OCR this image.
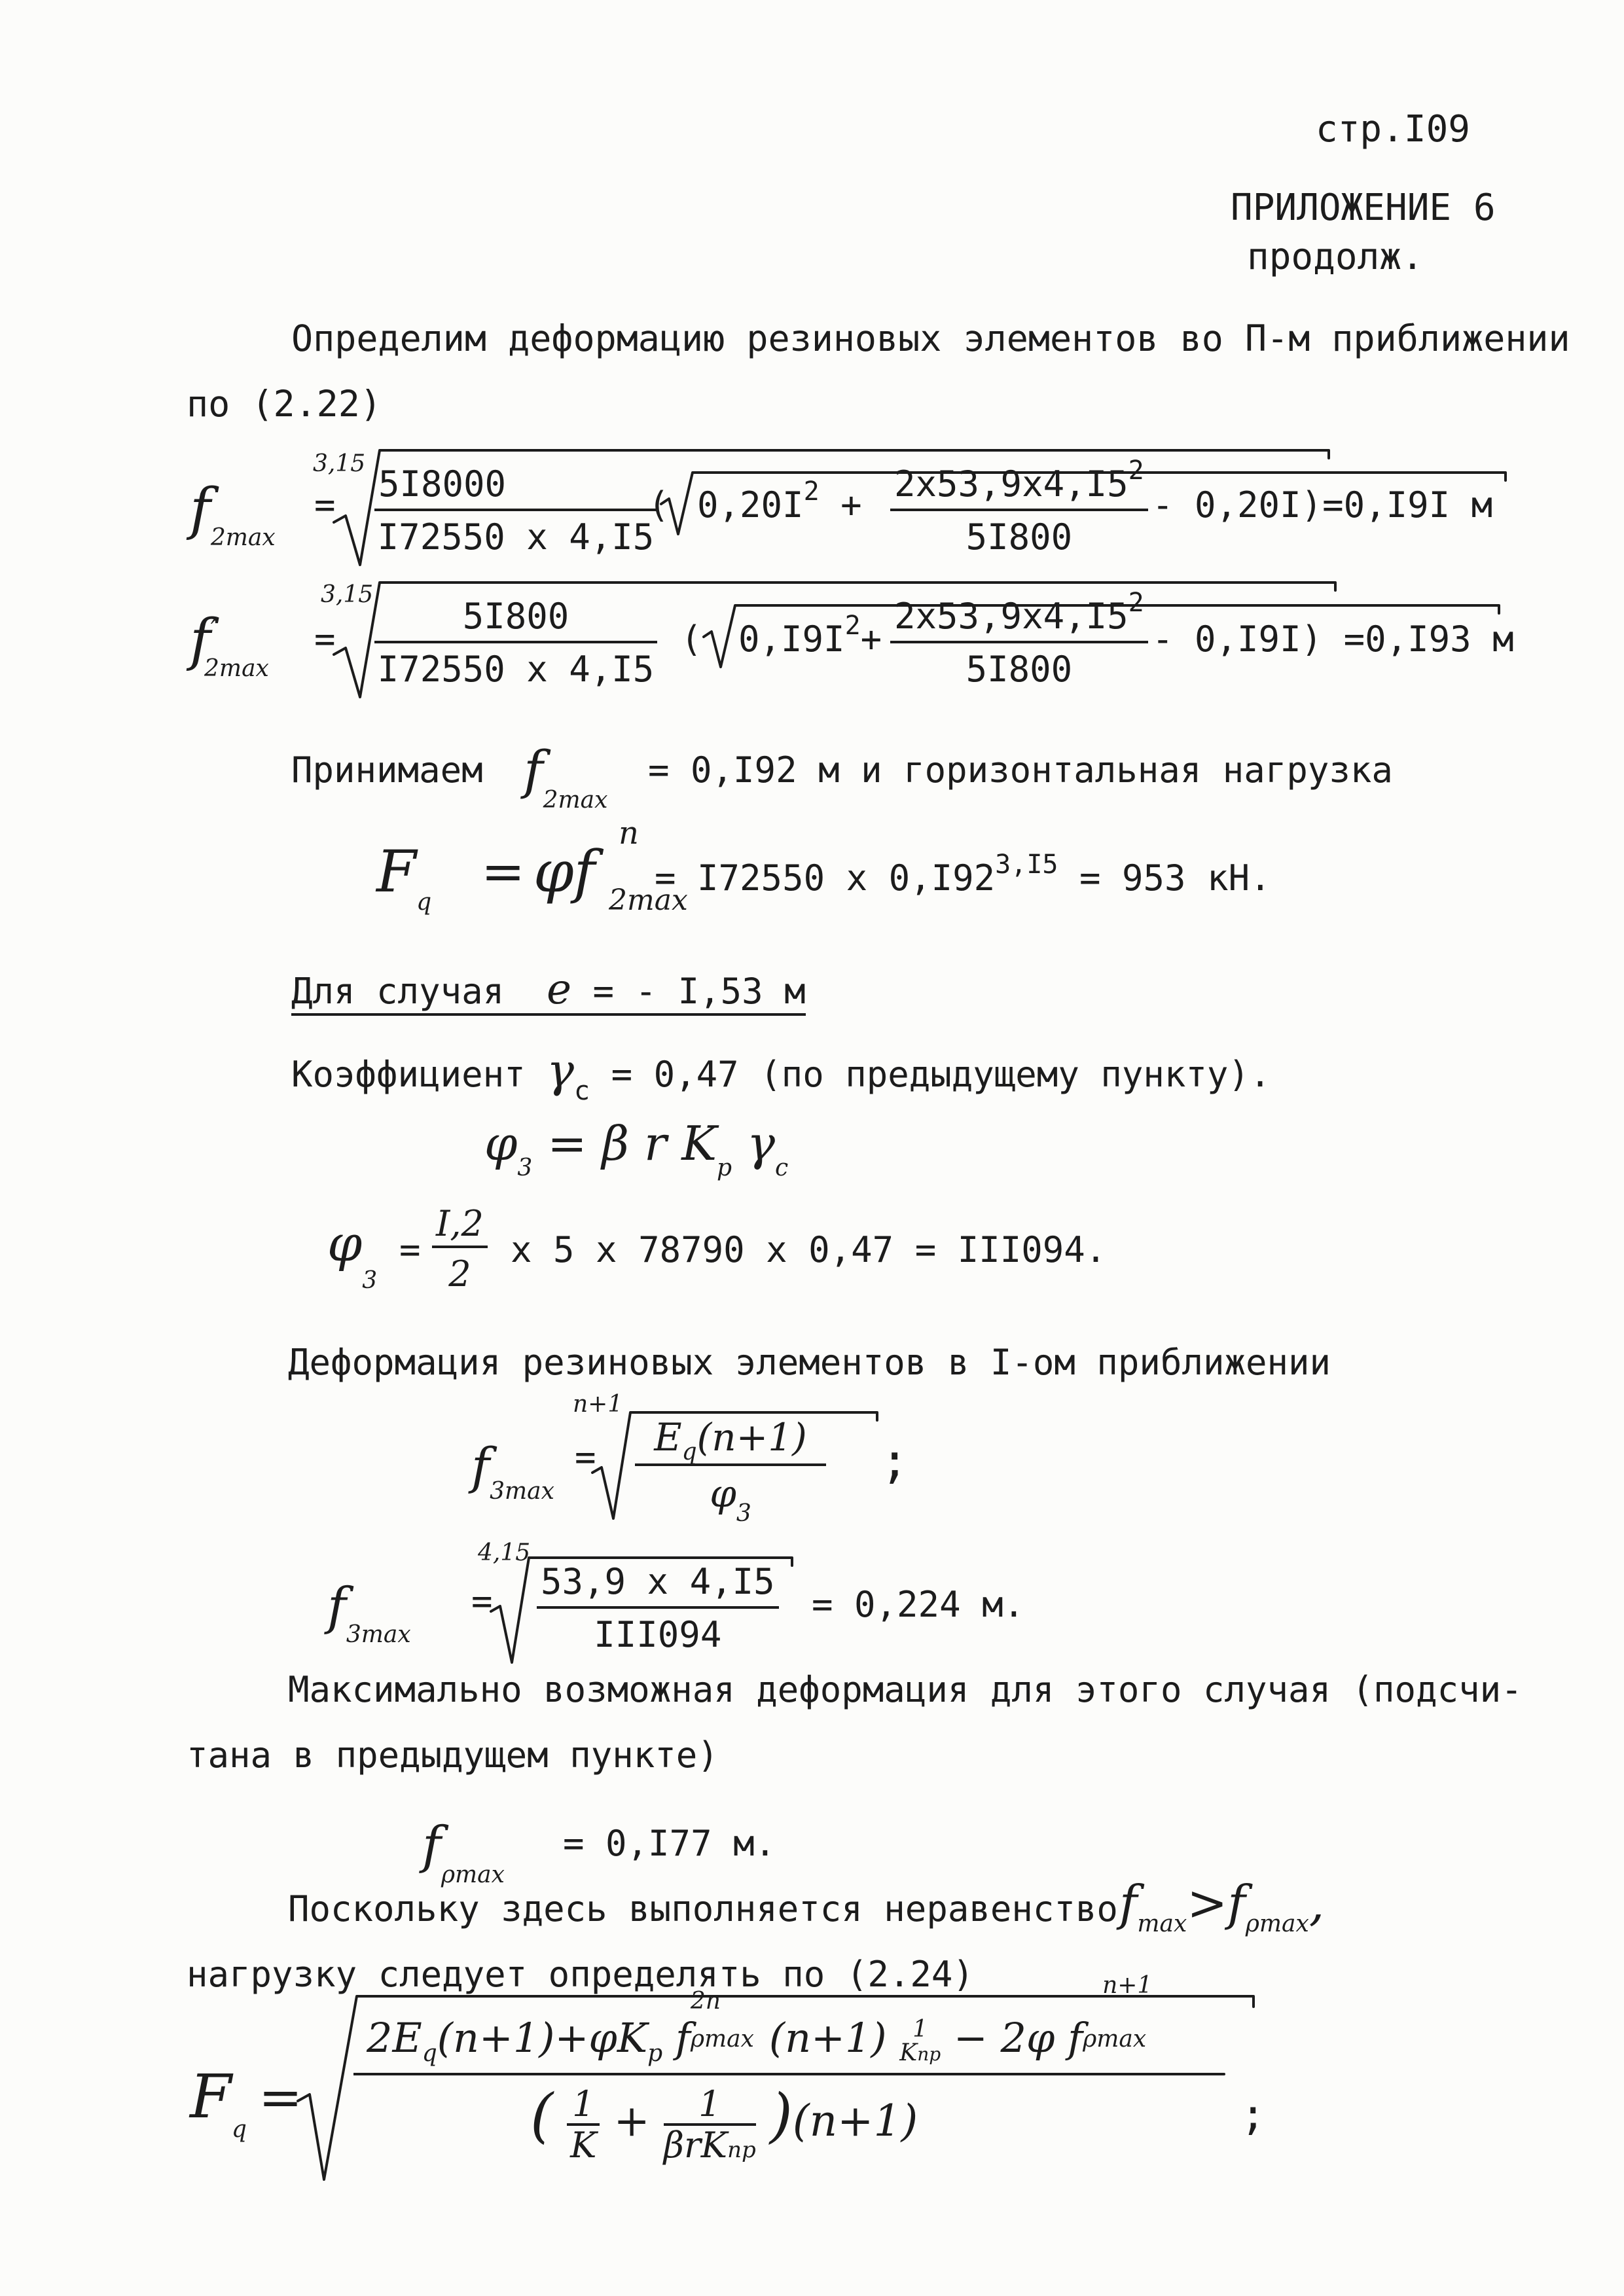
стр.I09
ПРИЛОЖЕНИЕ 6
продолж.
Определим деформацию резиновых элементов во П-м приближении
по (2.22)
$f_{2max}$
3,15
= $\frac{5I8000}{I72550 x 4,I5}$
( $0,20I^2 + \frac{2x53,9x4,I5^2}{5I800} - 0,20I)=0,I9I$ м
$f'_{2max}$
3,15
= $\frac{5I800}{I72550 x 4,I5}$ ( $0,I9I^2+ \frac{2x53,9x4,I5^2}{5I800} - 0,I9I) =0,I93$ м
Принимаем $f_{2max}$
= 0,I92 м и горизонтальная нагрузка
$F_q$
= φf
n
2max
= I72550 x $0,I92^{3,I5} = 953$ кН.
Для случая e = - I,53 м
Коэффициент $\gamma_c = 0,47$ (по предыдущему пункту).
$\varphi_3 = \beta$ r $K_p$ $\gamma_c$
$\varphi_3$
= $\frac{I,2}{2}$ x 5 x 78790 x 0,47 = III094.
Деформация резиновых элементов в I-ом приближении
$f_{3max}$
n+1
= $\frac{E_q(n+1)}{\varphi_3}$ ;
$f_{3max}$
4,15
= 53,9 x 4,I5
III094
= 0,224 м.
Максимально возможная деформация для этого случая (подсчи-
тана в предыдущем пункте)
$f_{\rho max}$
= 0,I77 м.
Поскольку здесь выполняется неравенство $f_{max}>f_{\rho max}$,
нагрузку следует определять по (2.24)
$F_q$
=
$2E_q(n+1)+\varphi K_p$ f
2n
ρmax (n+1)	1
Knp − 2φ f
n+1
ρmax
( $\frac{1}{K}$ +	1
βrKnp )(n+1)	;
